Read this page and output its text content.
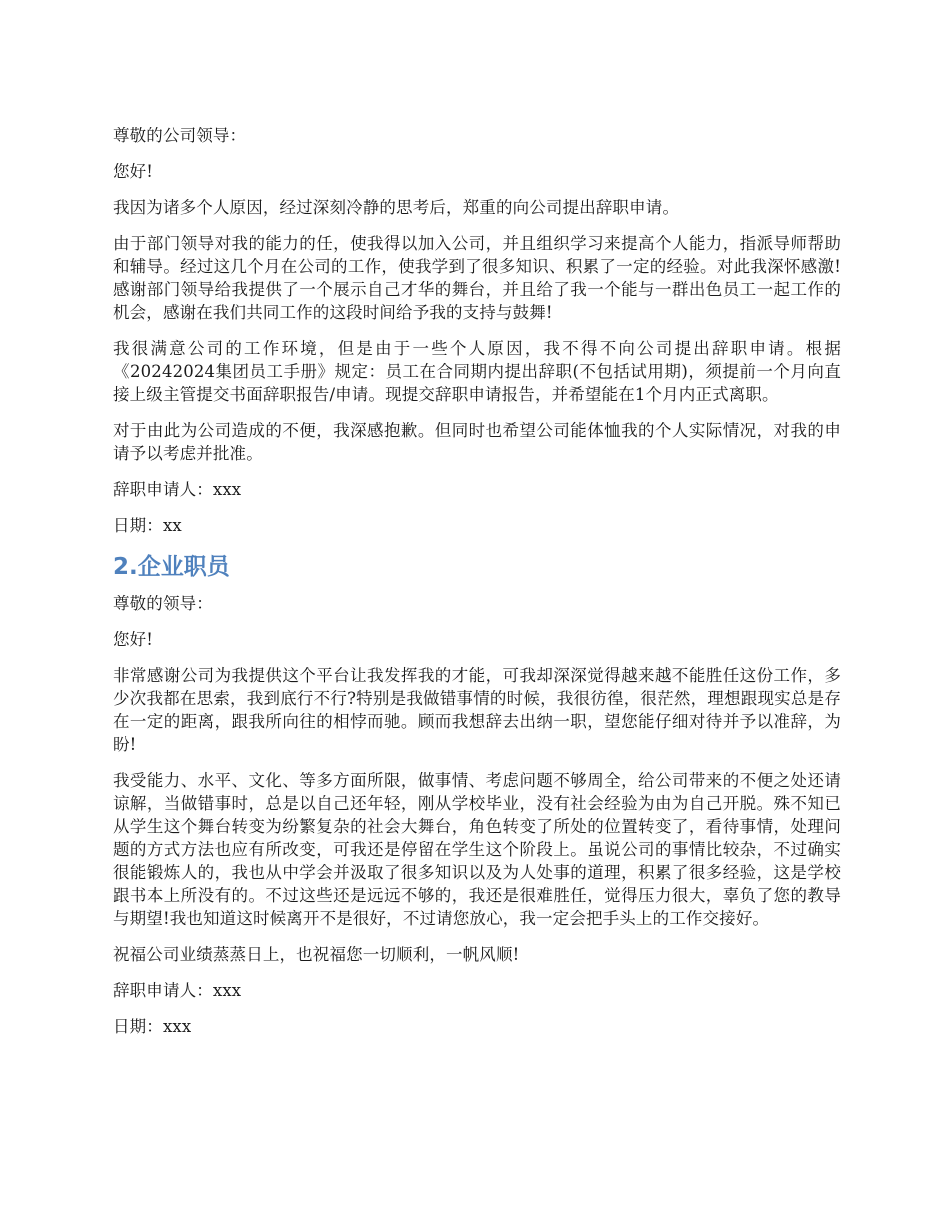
尊敬的公司领导：

您好!

我因为诸多个人原因，经过深刻冷静的思考后，郑重的向公司提出辞职申请。

由于部门领导对我的能力的任，使我得以加入公司，并且组织学习来提高个人能力，指派导师帮助和辅导。经过这几个月在公司的工作，使我学到了很多知识、积累了一定的经验。对此我深怀感激!感谢部门领导给我提供了一个展示自己才华的舞台，并且给了我一个能与一群出色员工一起工作的机会，感谢在我们共同工作的这段时间给予我的支持与鼓舞!

我很满意公司的工作环境，但是由于一些个人原因，我不得不向公司提出辞职申请。根据《20242024集团员工手册》规定：员工在合同期内提出辞职(不包括试用期)，须提前一个月向直接上级主管提交书面辞职报告/申请。现提交辞职申请报告，并希望能在1个月内正式离职。

对于由此为公司造成的不便，我深感抱歉。但同时也希望公司能体恤我的个人实际情况，对我的申请予以考虑并批准。

辞职申请人：xxx

日期：xx

2.企业职员

尊敬的领导：

您好!

非常感谢公司为我提供这个平台让我发挥我的才能，可我却深深觉得越来越不能胜任这份工作，多少次我都在思索，我到底行不行?特别是我做错事情的时候，我很彷徨，很茫然，理想跟现实总是存在一定的距离，跟我所向往的相悖而驰。顾而我想辞去出纳一职，望您能仔细对待并予以准辞，为盼!

我受能力、水平、文化、等多方面所限，做事情、考虑问题不够周全，给公司带来的不便之处还请谅解，当做错事时，总是以自己还年轻，刚从学校毕业，没有社会经验为由为自己开脱。殊不知已从学生这个舞台转变为纷繁复杂的社会大舞台，角色转变了所处的位置转变了，看待事情，处理问题的方式方法也应有所改变，可我还是停留在学生这个阶段上。虽说公司的事情比较杂，不过确实很能锻炼人的，我也从中学会并汲取了很多知识以及为人处事的道理，积累了很多经验，这是学校跟书本上所没有的。不过这些还是远远不够的，我还是很难胜任，觉得压力很大，辜负了您的教导与期望!我也知道这时候离开不是很好，不过请您放心，我一定会把手头上的工作交接好。

祝福公司业绩蒸蒸日上，也祝福您一切顺利，一帆风顺!

辞职申请人：xxx

日期：xxx
